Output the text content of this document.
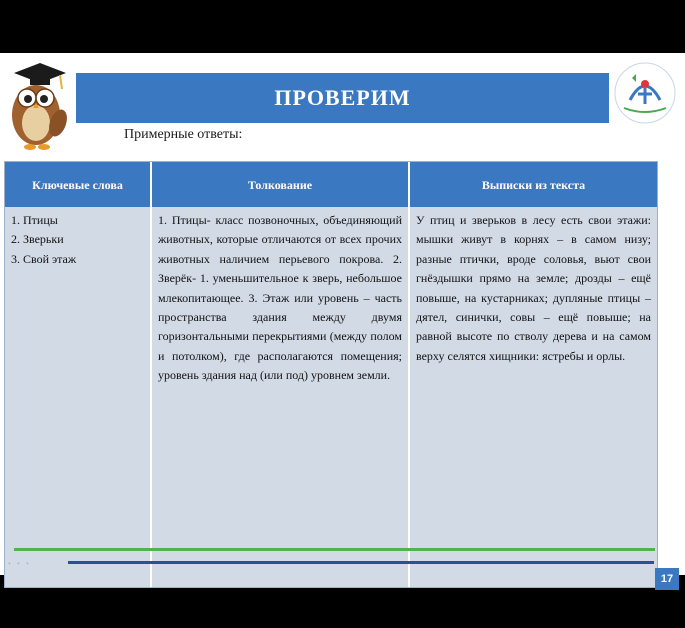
ПРОВЕРИМ
Примерные ответы:
Ключевые слова	Толкование	Выписки из текста
1. Птицы
2. Зверьки
3. Свой этаж

1. Птицы- класс позвоночных, объединяющий животных, которые отличаются от всех прочих животных наличием перьевого покрова. 2. Зверёк- 1. уменьшительное к зверь, небольшое млекопитающее. 3. Этаж или уровень – часть пространства здания между двумя горизонтальными перекрытиями (между полом и потолком), где располагаются помещения; уровень здания над (или под) уровнем земли.

У птиц и зверьков в лесу есть свои этажи: мышки живут в корнях – в самом низу; разные птички, вроде соловья, вьют свои гнёздышки прямо на земле; дрозды – ещё повыше, на кустарниках; дупляные птицы – дятел, синички, совы – ещё повыше; на равной высоте по стволу дерева и на самом верху селятся хищники: ястребы и орлы.

• • •
17
